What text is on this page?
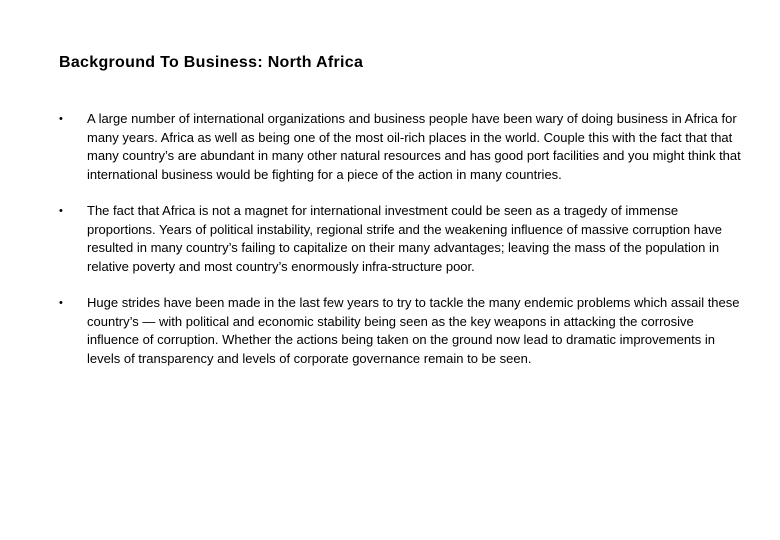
Background To Business: North Africa
•	A large number of international organizations and business people have been wary of doing business in Africa for many years. Africa as well as being one of the most oil-rich places in the world. Couple this with the fact that that many country’s are abundant in many other natural resources and has good port facilities and you might think that international business would be fighting for a piece of the action in many countries.
•	The fact that Africa is not a magnet for international investment could be seen as a tragedy of immense proportions. Years of political instability, regional strife and the weakening influence of massive corruption have resulted in many country’s failing to capitalize on their many advantages; leaving the mass of the population in relative poverty and most country’s enormously infra-structure poor.
•	Huge strides have been made in the last few years to try to tackle the many endemic problems which assail these country’s — with political and economic stability being seen as the key weapons in attacking the corrosive influence of corruption. Whether the actions being taken on the ground now lead to dramatic improvements in levels of transparency and levels of corporate governance remain to be seen.
